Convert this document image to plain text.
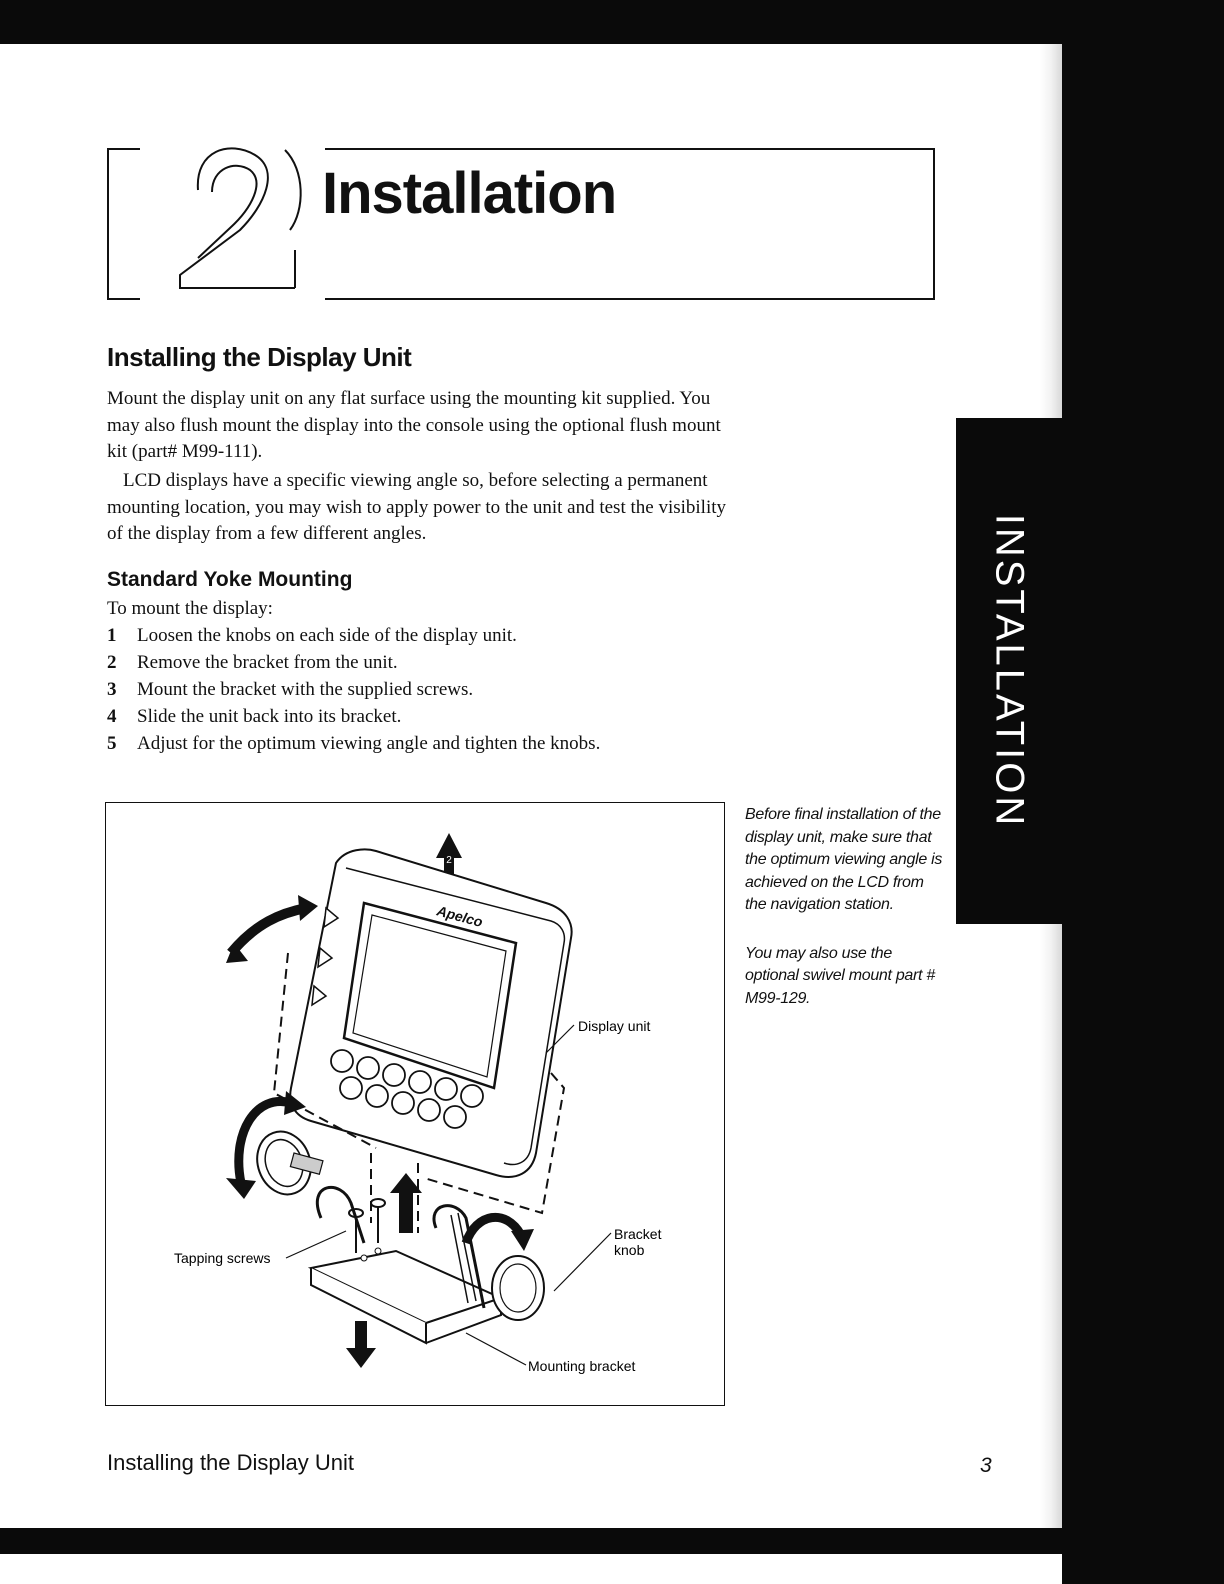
2
Installation
INSTALLATION
Installing the Display Unit

Mount the display unit on any flat surface using the mounting kit supplied. You may also flush mount the display into the console using the optional flush mount kit (part# M99-111).

LCD displays have a specific viewing angle so, before selecting a permanent mounting location, you may wish to apply power to the unit and test the visibility of the display from a few different angles.

Standard Yoke Mounting

To mount the display:

1	Loosen the knobs on each side of the display unit.
2	Remove the bracket from the unit.
3	Mount the bracket with the supplied screws.
4	Slide the unit back into its bracket.
5	Adjust for the optimum viewing angle and tighten the knobs.
2
Apelco
Display unit
Bracket
knob
Tapping screws
Mounting bracket

Before final installation of the display unit, make sure that the optimum viewing angle is achieved on the LCD from the navigation station.

You may also use the optional swivel mount part # M99-129.

Installing the Display Unit	3
